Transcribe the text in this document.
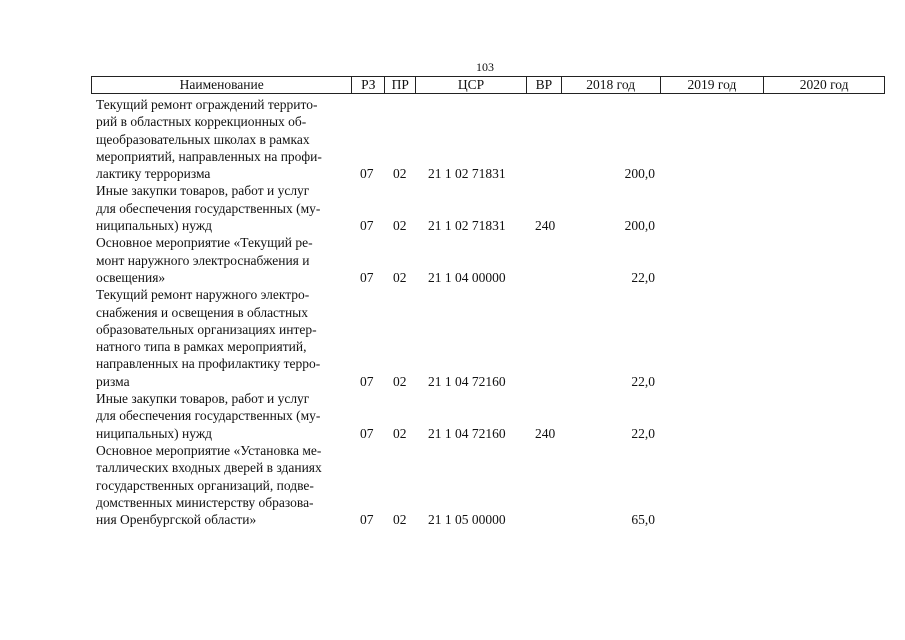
103
Наименование	РЗ	ПР	ЦСР	ВР	2018 год	2019 год	2020 год
Текущий ремонт ограждений террито-
рий в областных коррекционных об-
щеобразовательных школах в рамках
мероприятий, направленных на профи-
лактику терроризма	07 02 21 1 02 71831	200,0
Иные закупки товаров, работ и услуг
для обеспечения государственных (му-
ниципальных) нужд	07 02 21 1 02 71831 240	200,0
Основное мероприятие «Текущий ре-
монт наружного электроснабжения и
освещения»	07 02 21 1 04 00000	22,0
Текущий ремонт наружного электро-
снабжения и освещения в областных
образовательных организациях интер-
натного типа в рамках мероприятий,
направленных на профилактику терро-
ризма	07 02 21 1 04 72160	22,0
Иные закупки товаров, работ и услуг
для обеспечения государственных (му-
ниципальных) нужд	07 02 21 1 04 72160 240	22,0
Основное мероприятие «Установка ме-
таллических входных дверей в зданиях
государственных организаций, подве-
домственных министерству образова-
ния Оренбургской области»	07 02 21 1 05 00000	65,0
